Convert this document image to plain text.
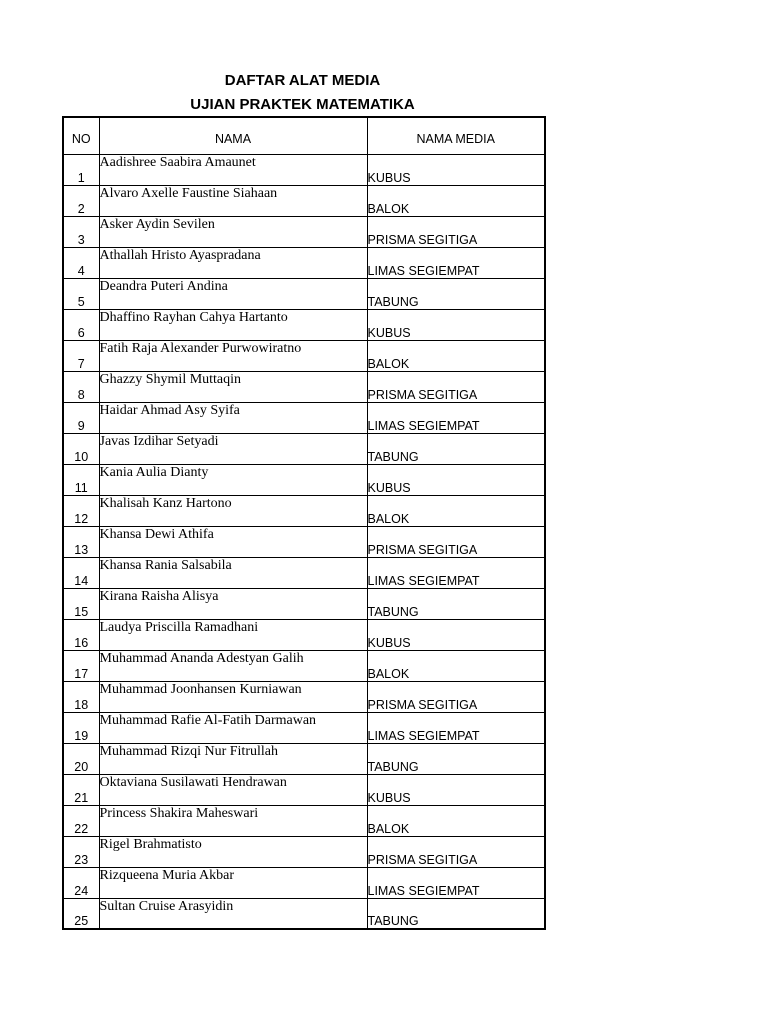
DAFTAR ALAT MEDIA
UJIAN PRAKTEK MATEMATIKA
NO	NAMA	NAMA MEDIA
1	Aadishree Saabira Amaunet	KUBUS
2	Alvaro Axelle Faustine Siahaan	BALOK
3	Asker Aydin Sevilen	PRISMA SEGITIGA
4	Athallah Hristo Ayaspradana	LIMAS SEGIEMPAT
5	Deandra Puteri Andina	TABUNG
6	Dhaffino Rayhan Cahya Hartanto	KUBUS
7	Fatih Raja Alexander Purwowiratno	BALOK
8	Ghazzy Shymil Muttaqin	PRISMA SEGITIGA
9	Haidar Ahmad Asy Syifa	LIMAS SEGIEMPAT
10	Javas Izdihar Setyadi	TABUNG
11	Kania Aulia Dianty	KUBUS
12	Khalisah Kanz Hartono	BALOK
13	Khansa Dewi Athifa	PRISMA SEGITIGA
14	Khansa Rania Salsabila	LIMAS SEGIEMPAT
15	Kirana Raisha Alisya	TABUNG
16	Laudya Priscilla Ramadhani	KUBUS
17	Muhammad Ananda Adestyan Galih	BALOK
18	Muhammad Joonhansen Kurniawan	PRISMA SEGITIGA
19	Muhammad Rafie Al-Fatih Darmawan	LIMAS SEGIEMPAT
20	Muhammad Rizqi Nur Fitrullah	TABUNG
21	Oktaviana Susilawati Hendrawan	KUBUS
22	Princess Shakira Maheswari	BALOK
23	Rigel Brahmatisto	PRISMA SEGITIGA
24	Rizqueena Muria Akbar	LIMAS SEGIEMPAT
25	Sultan Cruise Arasyidin	TABUNG
